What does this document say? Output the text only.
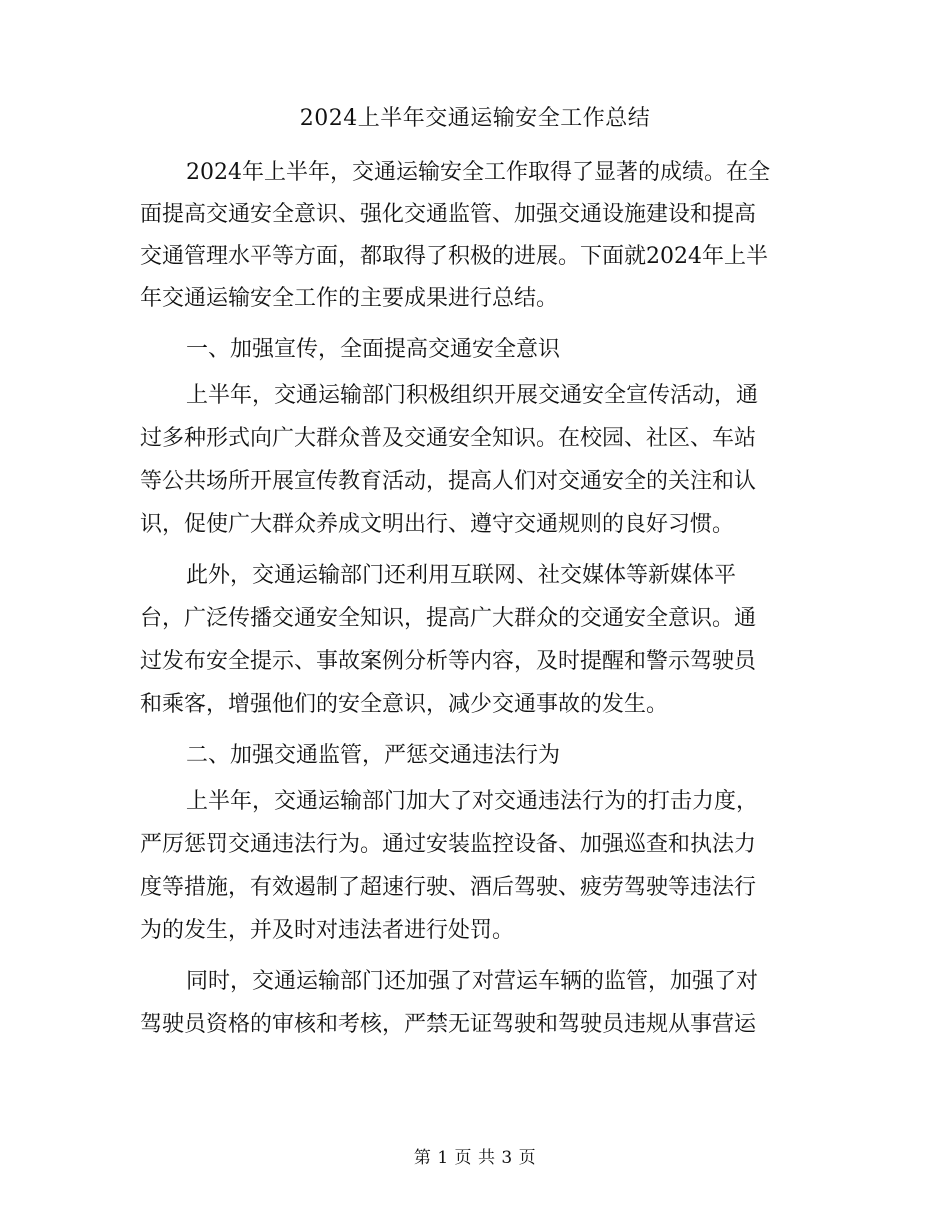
2024上半年交通运输安全工作总结
2024年上半年，交通运输安全工作取得了显著的成绩。在全
面提高交通安全意识、强化交通监管、加强交通设施建设和提高
交通管理水平等方面，都取得了积极的进展。下面就2024年上半
年交通运输安全工作的主要成果进行总结。
一、加强宣传，全面提高交通安全意识
上半年，交通运输部门积极组织开展交通安全宣传活动，通
过多种形式向广大群众普及交通安全知识。在校园、社区、车站
等公共场所开展宣传教育活动，提高人们对交通安全的关注和认
识，促使广大群众养成文明出行、遵守交通规则的良好习惯。
此外，交通运输部门还利用互联网、社交媒体等新媒体平
台，广泛传播交通安全知识，提高广大群众的交通安全意识。通
过发布安全提示、事故案例分析等内容，及时提醒和警示驾驶员
和乘客，增强他们的安全意识，减少交通事故的发生。
二、加强交通监管，严惩交通违法行为
上半年，交通运输部门加大了对交通违法行为的打击力度，
严厉惩罚交通违法行为。通过安装监控设备、加强巡查和执法力
度等措施，有效遏制了超速行驶、酒后驾驶、疲劳驾驶等违法行
为的发生，并及时对违法者进行处罚。
同时，交通运输部门还加强了对营运车辆的监管，加强了对
驾驶员资格的审核和考核，严禁无证驾驶和驾驶员违规从事营运
第 1 页 共 3 页
